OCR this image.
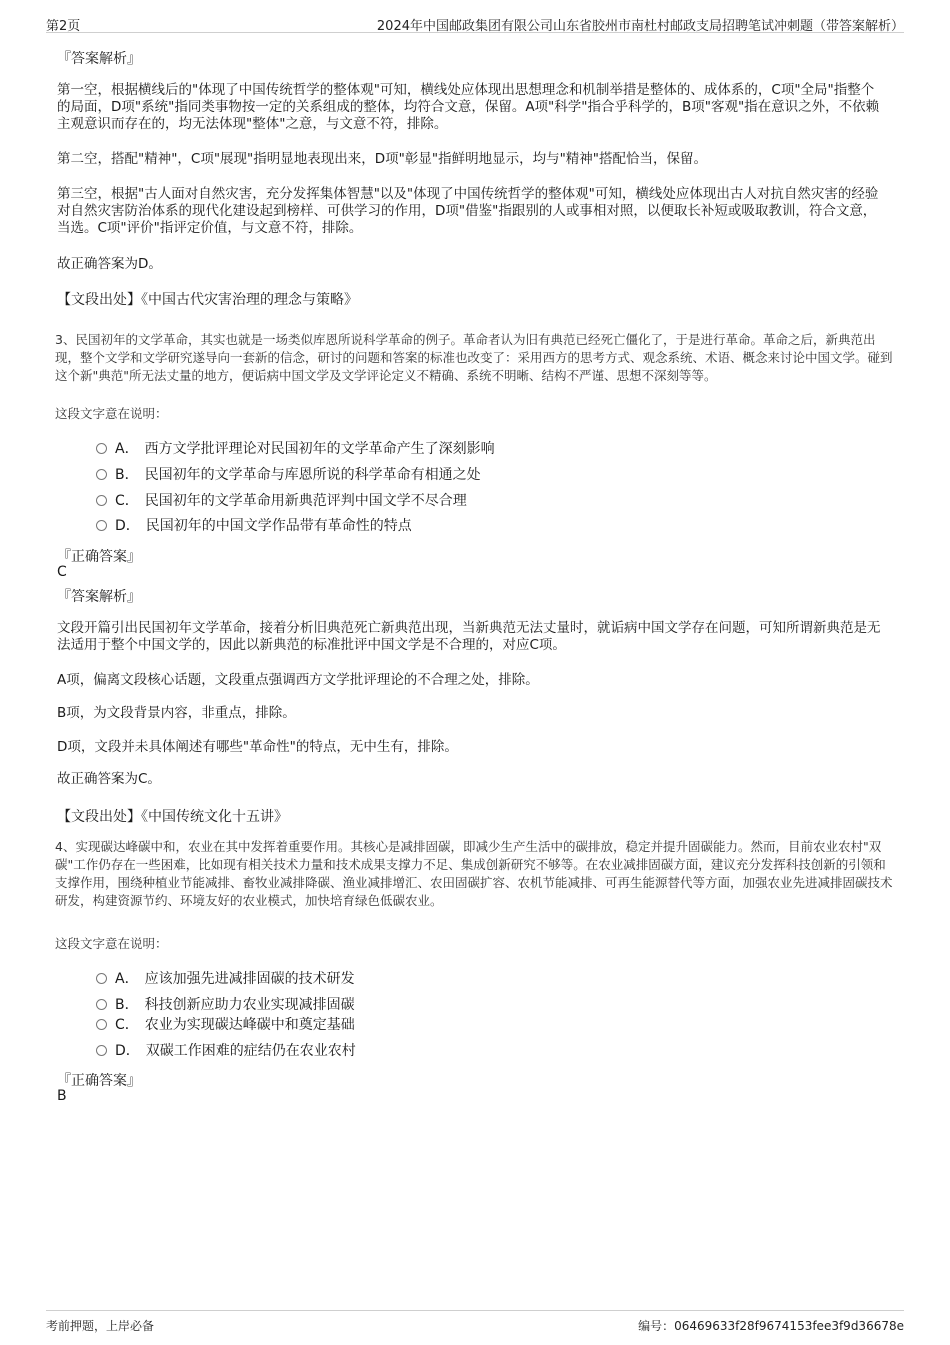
第2页	2024年中国邮政集团有限公司山东省胶州市南杜村邮政支局招聘笔试冲刺题（带答案解析）
『答案解析』
第一空，根据横线后的"体现了中国传统哲学的整体观"可知，横线处应体现出思想理念和机制举措是整体的、成体系的，C项"全局"指整个的局面，D项"系统"指同类事物按一定的关系组成的整体，均符合文意，保留。A项"科学"指合乎科学的，B项"客观"指在意识之外，不依赖主观意识而存在的，均无法体现"整体"之意，与文意不符，排除。
第二空，搭配"精神"，C项"展现"指明显地表现出来，D项"彰显"指鲜明地显示，均与"精神"搭配恰当，保留。
第三空，根据"古人面对自然灾害，充分发挥集体智慧"以及"体现了中国传统哲学的整体观"可知，横线处应体现出古人对抗自然灾害的经验对自然灾害防治体系的现代化建设起到榜样、可供学习的作用，D项"借鉴"指跟别的人或事相对照，以便取长补短或吸取教训，符合文意，当选。C项"评价"指评定价值，与文意不符，排除。
故正确答案为D。
【文段出处】《中国古代灾害治理的理念与策略》
3、民国初年的文学革命，其实也就是一场类似库恩所说科学革命的例子。革命者认为旧有典范已经死亡僵化了，于是进行革命。革命之后，新典范出现，整个文学和文学研究遂导向一套新的信念，研讨的问题和答案的标准也改变了：采用西方的思考方式、观念系统、术语、概念来讨论中国文学。碰到这个新"典范"所无法丈量的地方，便诟病中国文学及文学评论定义不精确、系统不明晰、结构不严谨、思想不深刻等等。
这段文字意在说明：
A． 西方文学批评理论对民国初年的文学革命产生了深刻影响
B． 民国初年的文学革命与库恩所说的科学革命有相通之处
C． 民国初年的文学革命用新典范评判中国文学不尽合理
D． 民国初年的中国文学作品带有革命性的特点
『正确答案』
C
『答案解析』
文段开篇引出民国初年文学革命，接着分析旧典范死亡新典范出现，当新典范无法丈量时，就诟病中国文学存在问题，可知所谓新典范是无法适用于整个中国文学的，因此以新典范的标准批评中国文学是不合理的，对应C项。
A项，偏离文段核心话题，文段重点强调西方文学批评理论的不合理之处，排除。
B项，为文段背景内容，非重点，排除。
D项，文段并未具体阐述有哪些"革命性"的特点，无中生有，排除。
故正确答案为C。
【文段出处】《中国传统文化十五讲》
4、实现碳达峰碳中和，农业在其中发挥着重要作用。其核心是减排固碳，即减少生产生活中的碳排放，稳定并提升固碳能力。然而，目前农业农村"双碳"工作仍存在一些困难，比如现有相关技术力量和技术成果支撑力不足、集成创新研究不够等。在农业减排固碳方面，建议充分发挥科技创新的引领和支撑作用，围绕种植业节能减排、畜牧业减排降碳、渔业减排增汇、农田固碳扩容、农机节能减排、可再生能源替代等方面，加强农业先进减排固碳技术研发，构建资源节约、环境友好的农业模式，加快培育绿色低碳农业。
这段文字意在说明：
A． 应该加强先进减排固碳的技术研发
B． 科技创新应助力农业实现减排固碳
C． 农业为实现碳达峰碳中和奠定基础
D． 双碳工作困难的症结仍在农业农村
『正确答案』
B
考前押题，上岸必备	编号：06469633f28f9674153fee3f9d36678e
